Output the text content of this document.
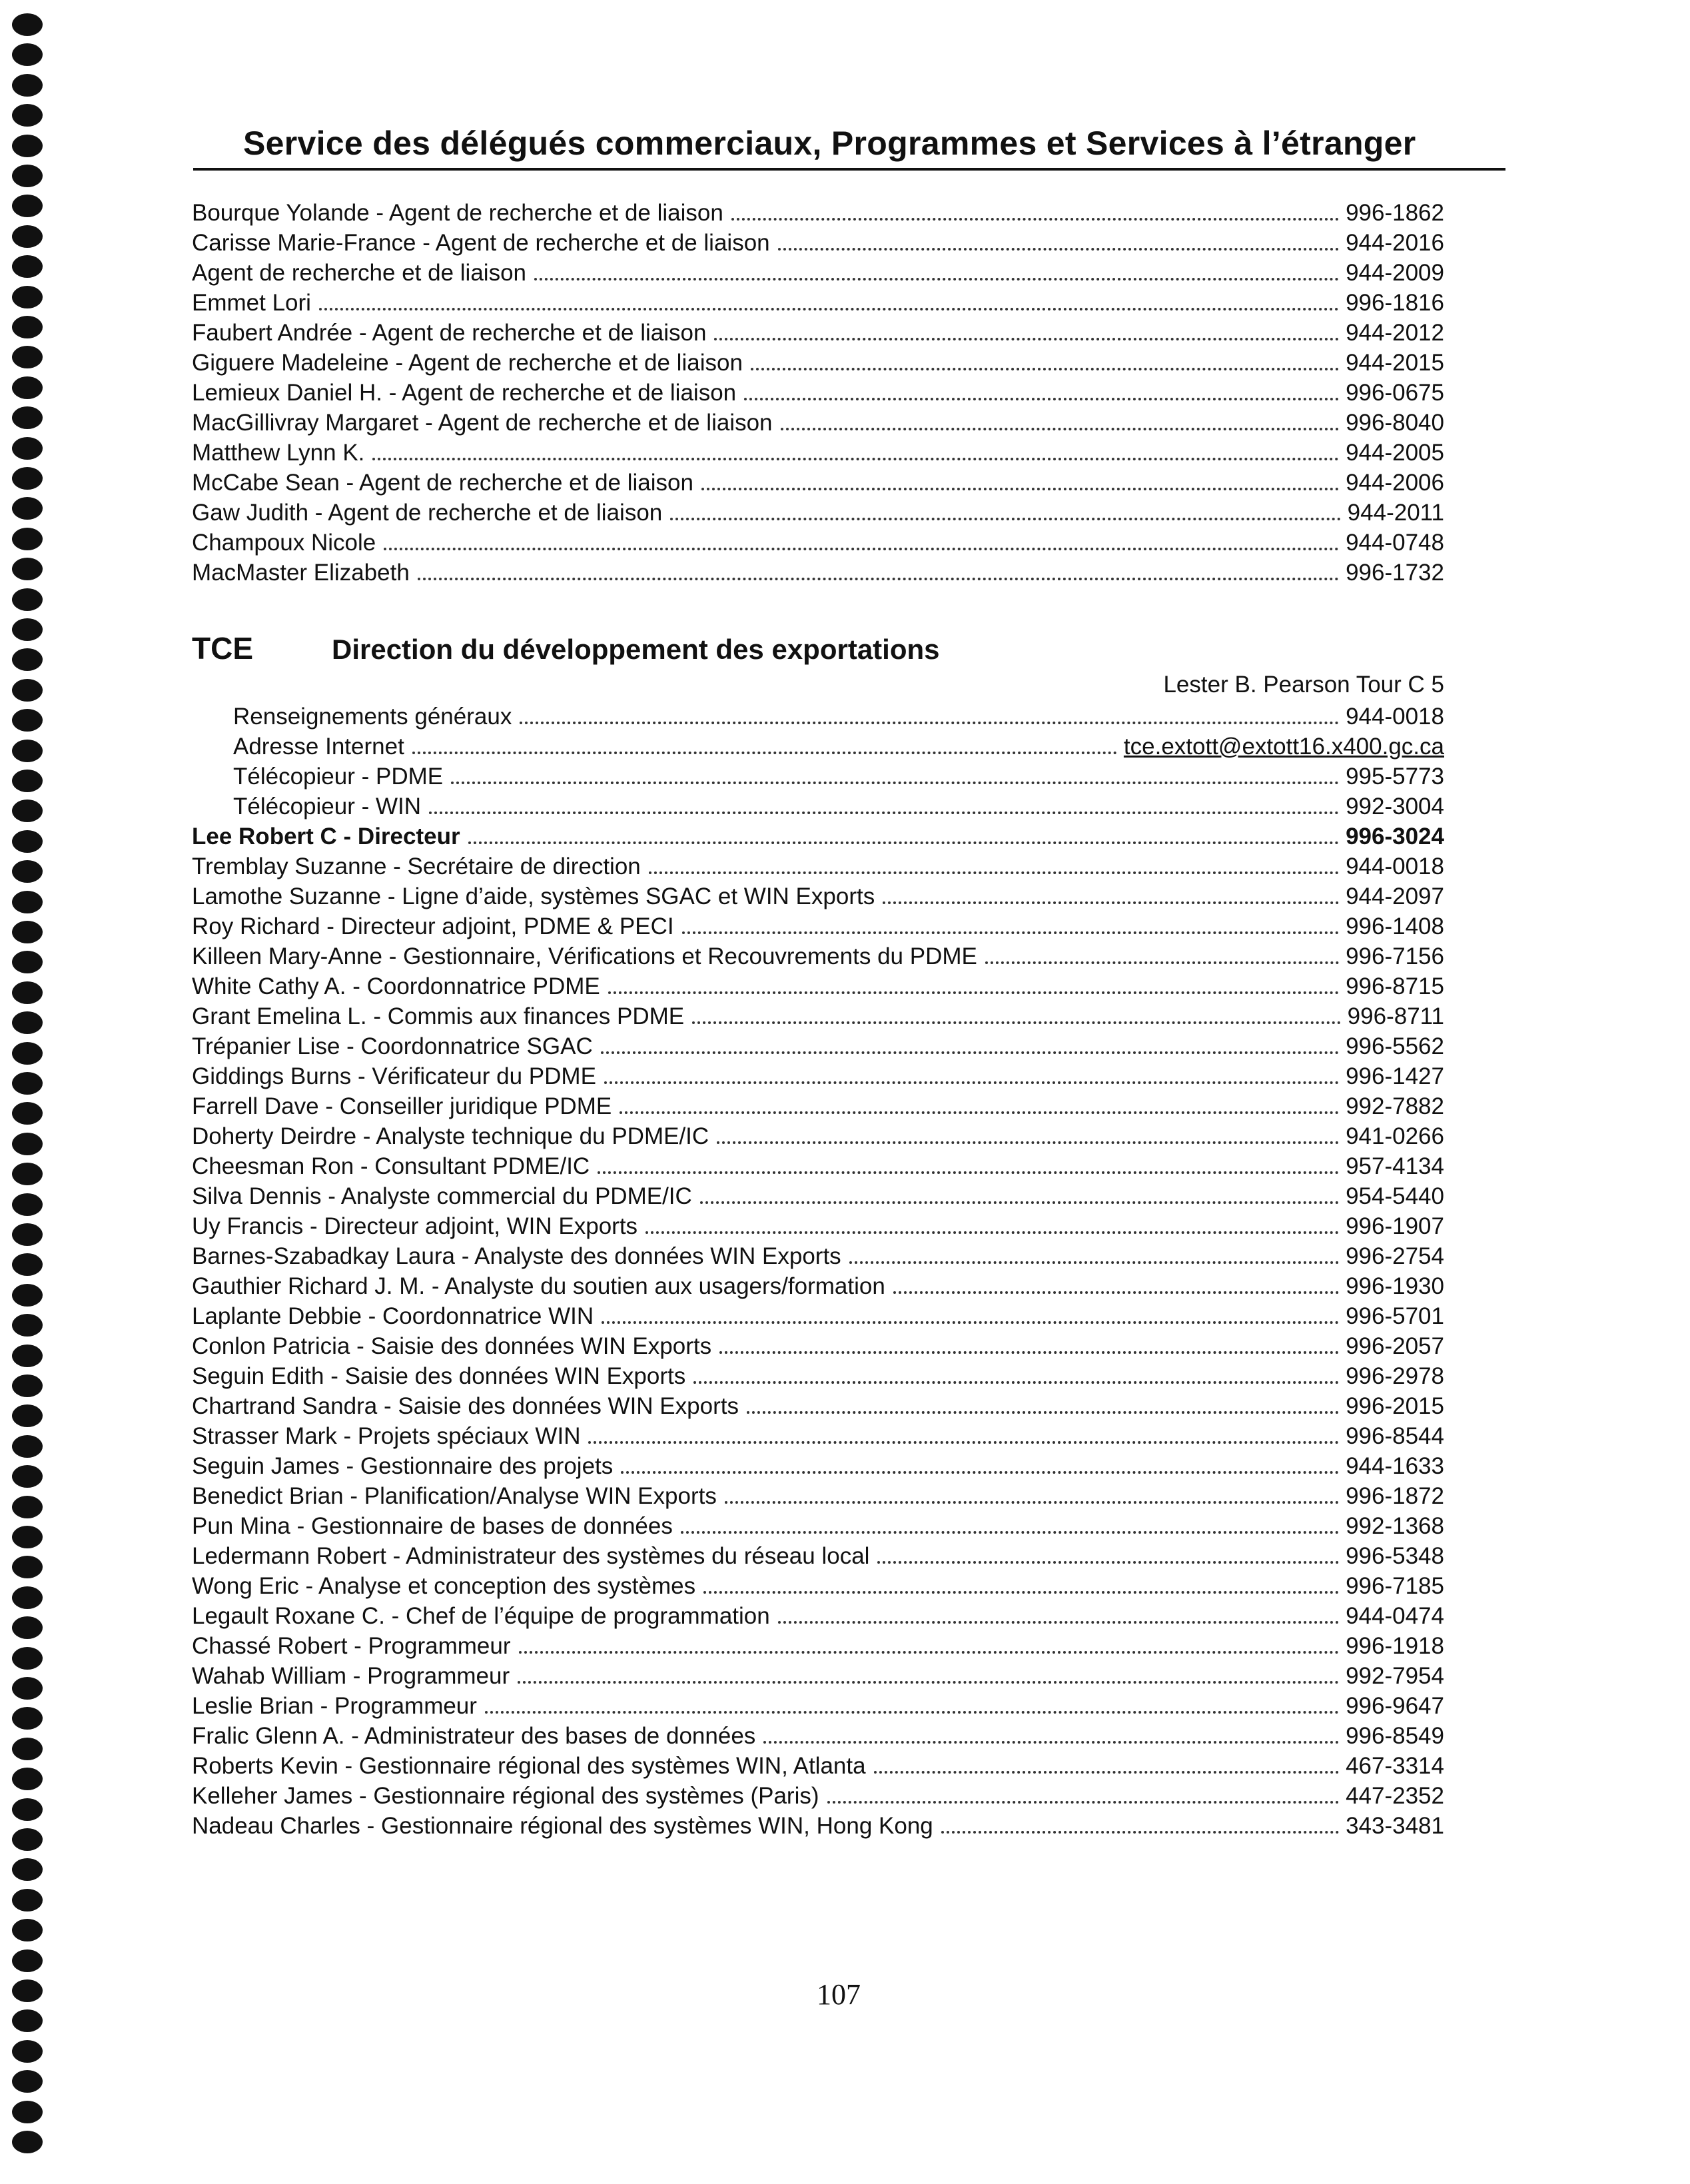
Service des délégués commerciaux, Programmes et Services à l’étranger
Bourque Yolande - Agent de recherche et de liaison	996-1862
Carisse Marie-France - Agent de recherche et de liaison	944-2016
Agent de recherche et de liaison	944-2009
Emmet Lori	996-1816
Faubert Andrée - Agent de recherche et de liaison	944-2012
Giguere Madeleine - Agent de recherche et de liaison	944-2015
Lemieux Daniel H. - Agent de recherche et de liaison	996-0675
MacGillivray Margaret - Agent de recherche et de liaison	996-8040
Matthew Lynn K.	944-2005
McCabe Sean - Agent de recherche et de liaison	944-2006
Gaw Judith - Agent de recherche et de liaison	944-2011
Champoux Nicole	944-0748
MacMaster Elizabeth	996-1732
TCE	Direction du développement des exportations
Lester B. Pearson Tour C 5
Renseignements généraux	944-0018
Adresse Internet	tce.extott@extott16.x400.gc.ca
Télécopieur - PDME	995-5773
Télécopieur - WIN	992-3004
Lee Robert C - Directeur	996-3024
Tremblay Suzanne - Secrétaire de direction	944-0018
Lamothe Suzanne - Ligne d’aide, systèmes SGAC et WIN Exports	944-2097
Roy Richard - Directeur adjoint, PDME & PECI	996-1408
Killeen Mary-Anne - Gestionnaire, Vérifications et Recouvrements du PDME	996-7156
White Cathy A. - Coordonnatrice PDME	996-8715
Grant Emelina L. - Commis aux finances PDME	996-8711
Trépanier Lise - Coordonnatrice SGAC	996-5562
Giddings Burns - Vérificateur du PDME	996-1427
Farrell Dave - Conseiller juridique PDME	992-7882
Doherty Deirdre - Analyste technique du PDME/IC	941-0266
Cheesman Ron - Consultant PDME/IC	957-4134
Silva Dennis - Analyste commercial du PDME/IC	954-5440
Uy Francis - Directeur adjoint, WIN Exports	996-1907
Barnes-Szabadkay Laura - Analyste des données WIN Exports	996-2754
Gauthier Richard J. M. - Analyste du soutien aux usagers/formation	996-1930
Laplante Debbie - Coordonnatrice WIN	996-5701
Conlon Patricia - Saisie des données WIN Exports	996-2057
Seguin Edith - Saisie des données WIN Exports	996-2978
Chartrand Sandra - Saisie des données WIN Exports	996-2015
Strasser Mark - Projets spéciaux WIN	996-8544
Seguin James - Gestionnaire des projets	944-1633
Benedict Brian - Planification/Analyse WIN Exports	996-1872
Pun Mina - Gestionnaire de bases de données	992-1368
Ledermann Robert - Administrateur des systèmes du réseau local	996-5348
Wong Eric - Analyse et conception des systèmes	996-7185
Legault Roxane C. - Chef de l’équipe de programmation	944-0474
Chassé Robert - Programmeur	996-1918
Wahab William - Programmeur	992-7954
Leslie Brian - Programmeur	996-9647
Fralic Glenn A. - Administrateur des bases de données	996-8549
Roberts Kevin - Gestionnaire régional des systèmes WIN, Atlanta	467-3314
Kelleher James - Gestionnaire régional des systèmes (Paris)	447-2352
Nadeau Charles - Gestionnaire régional des systèmes WIN, Hong Kong	343-3481
107
